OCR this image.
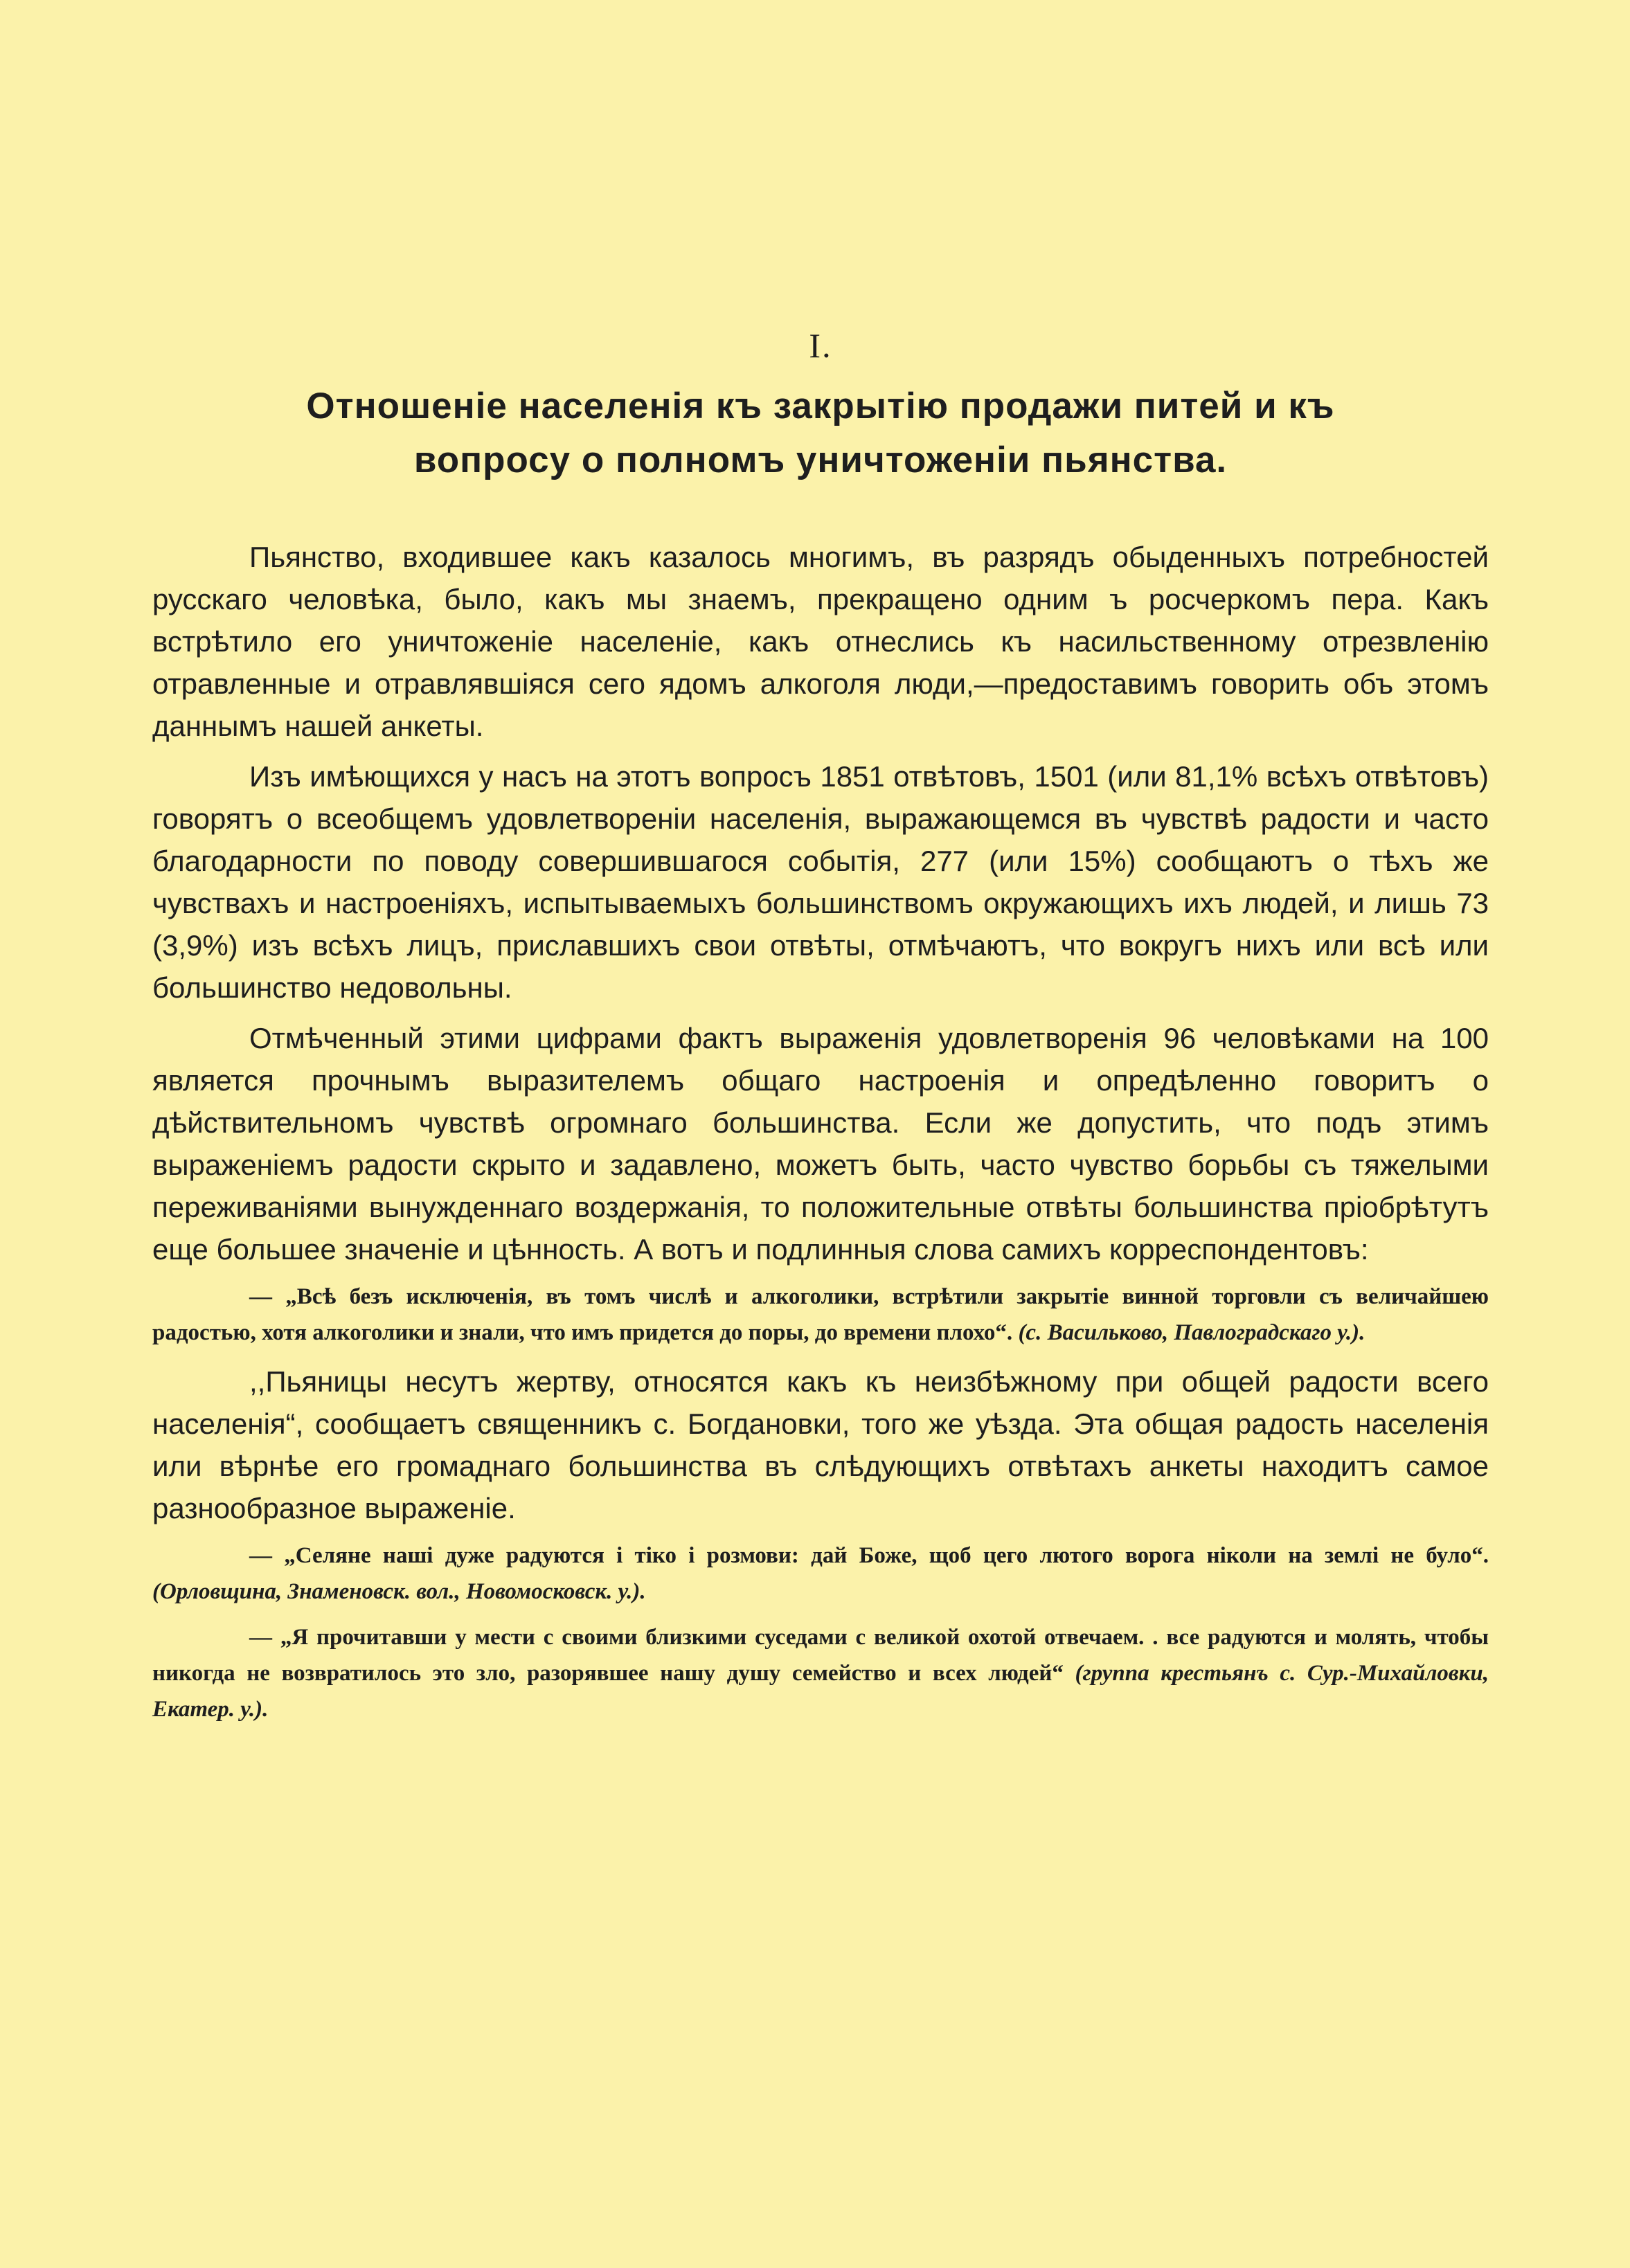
I.
Отношеніе населенія къ закрытію продажи питей и къ
вопросу о полномъ уничтоженіи пьянства.

Пьянство, входившее какъ казалось многимъ, въ разрядъ обыденныхъ потребностей русскаго человѣка, было, какъ мы знаемъ, прекращено одним ъ росчеркомъ пера. Какъ встрѣтило его уничтоженіе населеніе, какъ отнеслись къ насильственному отрезвленію отравленные и отравлявшіяся сего ядомъ алкоголя люди,—предоставимъ говорить объ этомъ даннымъ нашей анкеты.

Изъ имѣющихся у насъ на этотъ вопросъ 1851 отвѣтовъ, 1501 (или 81,1% всѣхъ отвѣтовъ) говорятъ о всеобщемъ удовлетвореніи населенія, выражающемся въ чувствѣ радости и часто благодарности по поводу совершившагося событія, 277 (или 15%) сообщаютъ о тѣхъ же чувствахъ и настроеніяхъ, испытываемыхъ большинствомъ окружающихъ ихъ людей, и лишь 73 (3,9%) изъ всѣхъ лицъ, приславшихъ свои отвѣты, отмѣчаютъ, что вокругъ нихъ или всѣ или большинство недовольны.

Отмѣченный этими цифрами фактъ выраженія удовлетворенія 96 человѣками на 100 является прочнымъ выразителемъ общаго настроенія и опредѣленно говоритъ о дѣйствительномъ чувствѣ огромнаго большинства. Если же допустить, что подъ этимъ выраженіемъ радости скрыто и задавлено, можетъ быть, часто чувство борьбы съ тяжелыми переживаніями вынужденнаго воздержанія, то положительные отвѣты большинства пріобрѣтутъ еще большее значеніе и цѣнность. А вотъ и подлинныя слова самихъ корреспондентовъ:

— „Всѣ безъ исключенія, въ томъ числѣ и алкоголики, встрѣтили закрытіе винной торговли съ величайшею радостью, хотя алкоголики и знали, что имъ придется до поры, до времени плохо“. (с. Васильково, Павлоградскаго у.).

,,Пьяницы несутъ жертву, относятся какъ къ неизбѣжному при общей радости всего населенія“, сообщаетъ священникъ с. Богдановки, того же уѣзда. Эта общая радость населенія или вѣрнѣе его громаднаго большинства въ слѣдующихъ отвѣтахъ анкеты находитъ самое разнообразное выраженіе.

— „Селяне нашi дуже радуются i тiко i розмови: дай Боже, щоб цего лютого ворога нiколи на землi не було“. (Орловщина, Знаменовск. вол., Новомосковск. у.).

— „Я прочитавши у мести с своими близкими суседами с великой охотой отвечаем. . все радуются и молять, чтобы никогда не возвратилось это зло, разорявшее нашу душу семейство и всех людей“ (группа крестьянъ с. Сур.-Михайловки, Екатер. у.).
